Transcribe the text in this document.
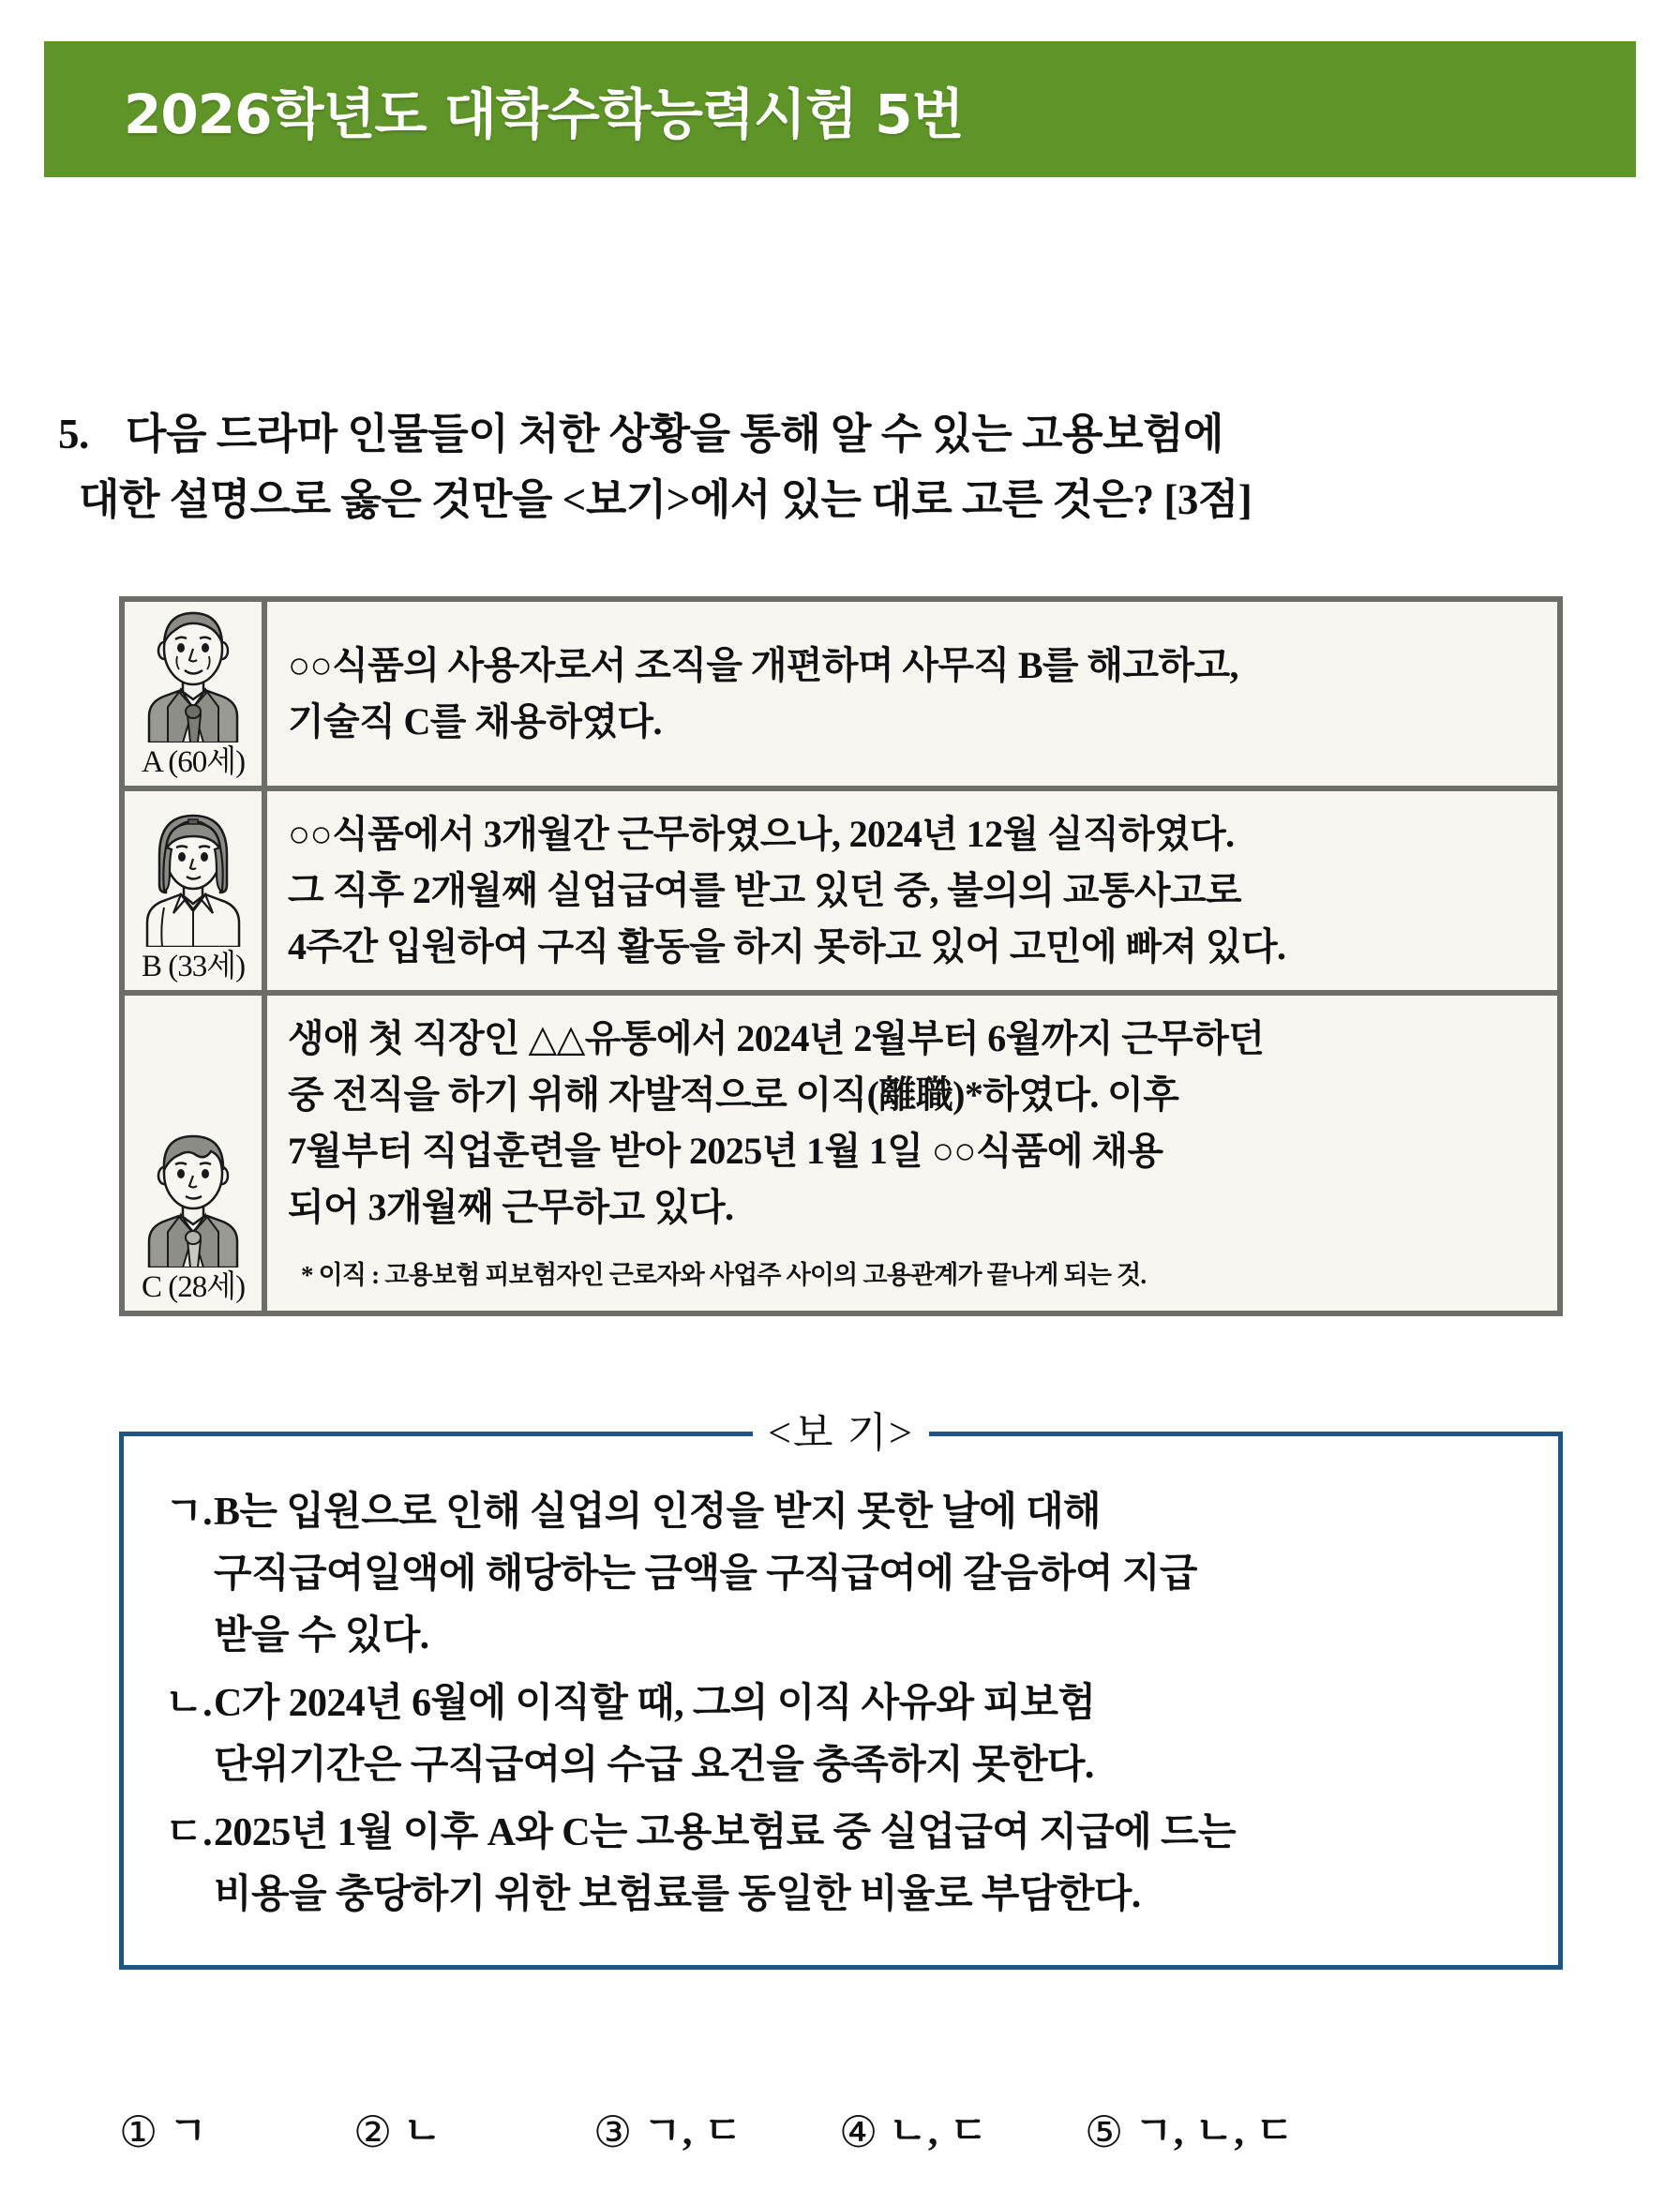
2026학년도 대학수학능력시험 5번
5. 다음 드라마 인물들이 처한 상황을 통해 알 수 있는 고용보험에
대한 설명으로 옳은 것만을 <보기>에서 있는 대로 고른 것은? [3점]
A (60세)
○○식품의 사용자로서 조직을 개편하며 사무직 B를 해고하고,
기술직 C를 채용하였다.
B (33세)
○○식품에서 3개월간 근무하였으나, 2024년 12월 실직하였다.
그 직후 2개월째 실업급여를 받고 있던 중, 불의의 교통사고로
4주간 입원하여 구직 활동을 하지 못하고 있어 고민에 빠져 있다.
C (28세)
생애 첫 직장인 △△유통에서 2024년 2월부터 6월까지 근무하던
중 전직을 하기 위해 자발적으로 이직(離職)*하였다. 이후
7월부터 직업훈련을 받아 2025년 1월 1일 ○○식품에 채용
되어 3개월째 근무하고 있다.
* 이직 : 고용보험 피보험자인 근로자와 사업주 사이의 고용관계가 끝나게 되는 것.
ㄱ. B는 입원으로 인해 실업의 인정을 받지 못한 날에 대해
구직급여일액에 해당하는 금액을 구직급여에 갈음하여 지급
받을 수 있다.
ㄴ. C가 2024년 6월에 이직할 때, 그의 이직 사유와 피보험
단위기간은 구직급여의 수급 요건을 충족하지 못한다.
ㄷ. 2025년 1월 이후 A와 C는 고용보험료 중 실업급여 지급에 드는
비용을 충당하기 위한 보험료를 동일한 비율로 부담한다.
<보 기>
① ㄱ	② ㄴ	③ ㄱ, ㄷ ④ ㄴ, ㄷ ⑤ ㄱ, ㄴ, ㄷ
